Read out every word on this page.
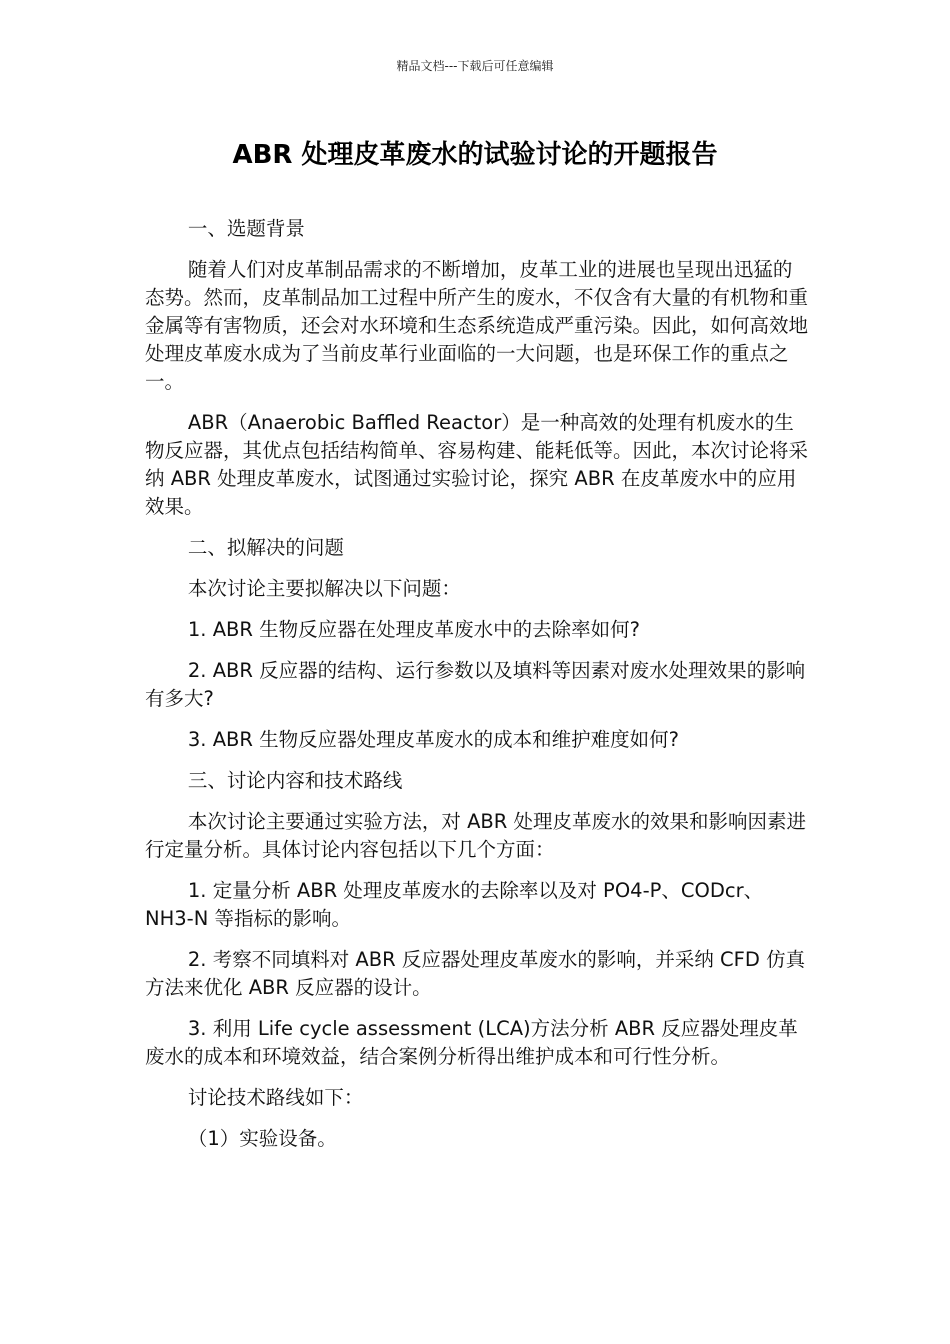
精品文档---下载后可任意编辑
ABR 处理皮革废水的试验讨论的开题报告

一、选题背景

随着人们对皮革制品需求的不断增加，皮革工业的进展也呈现出迅猛的态势。然而，皮革制品加工过程中所产生的废水，不仅含有大量的有机物和重金属等有害物质，还会对水环境和生态系统造成严重污染。因此，如何高效地处理皮革废水成为了当前皮革行业面临的一大问题，也是环保工作的重点之一。

ABR（Anaerobic Baffled Reactor）是一种高效的处理有机废水的生物反应器，其优点包括结构简单、容易构建、能耗低等。因此，本次讨论将采纳 ABR 处理皮革废水，试图通过实验讨论，探究 ABR 在皮革废水中的应用效果。

二、拟解决的问题

本次讨论主要拟解决以下问题：

1. ABR 生物反应器在处理皮革废水中的去除率如何?

2. ABR 反应器的结构、运行参数以及填料等因素对废水处理效果的影响有多大?

3. ABR 生物反应器处理皮革废水的成本和维护难度如何?

三、讨论内容和技术路线

本次讨论主要通过实验方法，对 ABR 处理皮革废水的效果和影响因素进行定量分析。具体讨论内容包括以下几个方面：

1. 定量分析 ABR 处理皮革废水的去除率以及对 PO4-P、CODcr、NH3-N 等指标的影响。

2. 考察不同填料对 ABR 反应器处理皮革废水的影响，并采纳 CFD 仿真方法来优化 ABR 反应器的设计。

3. 利用 Life cycle assessment (LCA)方法分析 ABR 反应器处理皮革废水的成本和环境效益，结合案例分析得出维护成本和可行性分析。

讨论技术路线如下：

（1）实验设备。
